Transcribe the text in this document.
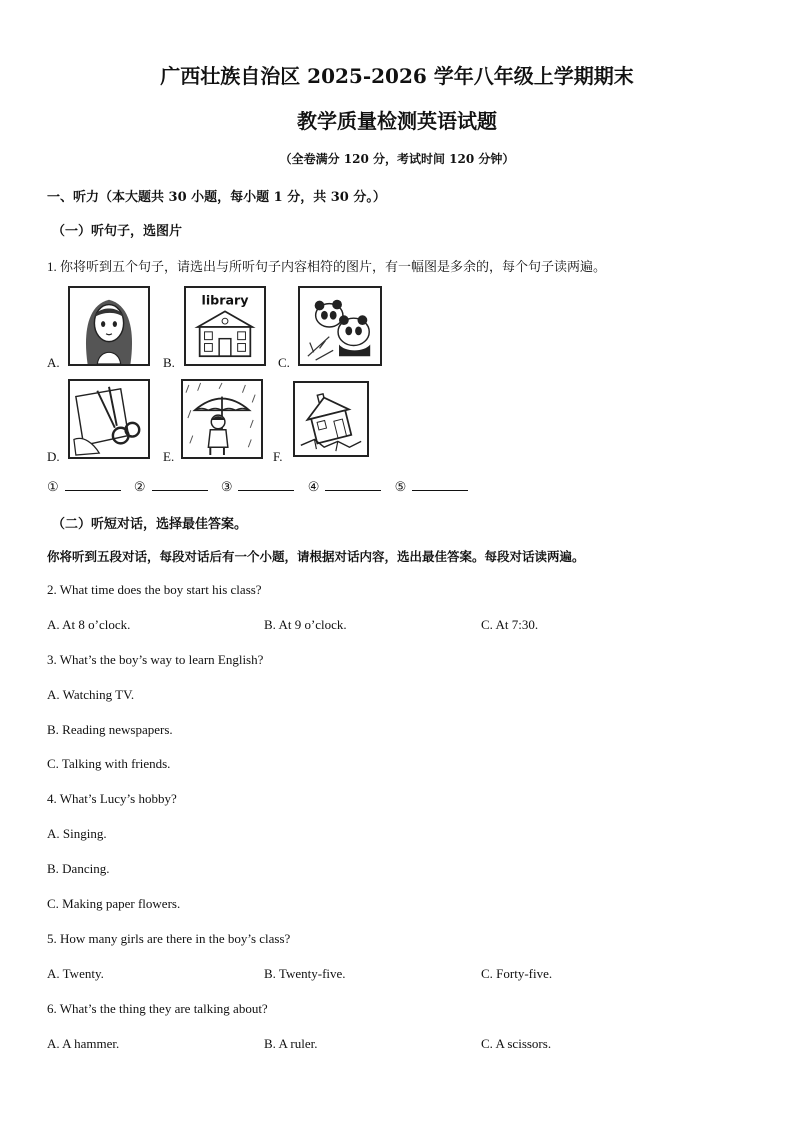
广西壮族自治区 2025-2026 学年八年级上学期期末
教学质量检测英语试题
（全卷满分 120 分，考试时间 120 分钟）
一、听力（本大题共 30 小题，每小题 1 分，共 30 分。）
（一）听句子，选图片
1. 你将听到五个句子，请选出与所听句子内容相符的图片，有一幅图是多余的，每个句子读两遍。
A.	B.
library
C.
D.	E.	F.
①	②	③	④	⑤
（二）听短对话，选择最佳答案。
你将听到五段对话，每段对话后有一个小题，请根据对话内容，选出最佳答案。每段对话读两遍。
2. What time does the boy start his class?
A. At 8 o’clock.	B. At 9 o’clock.	C. At 7:30.
3. What’s the boy’s way to learn English?
A. Watching TV.
B. Reading newspapers.
C. Talking with friends.
4. What’s Lucy’s hobby?
A. Singing.
B. Dancing.
C. Making paper flowers.
5. How many girls are there in the boy’s class?
A. Twenty.	B. Twenty-five.	C. Forty-five.
6. What’s the thing they are talking about?
A. A hammer.	B. A ruler.	C. A scissors.
